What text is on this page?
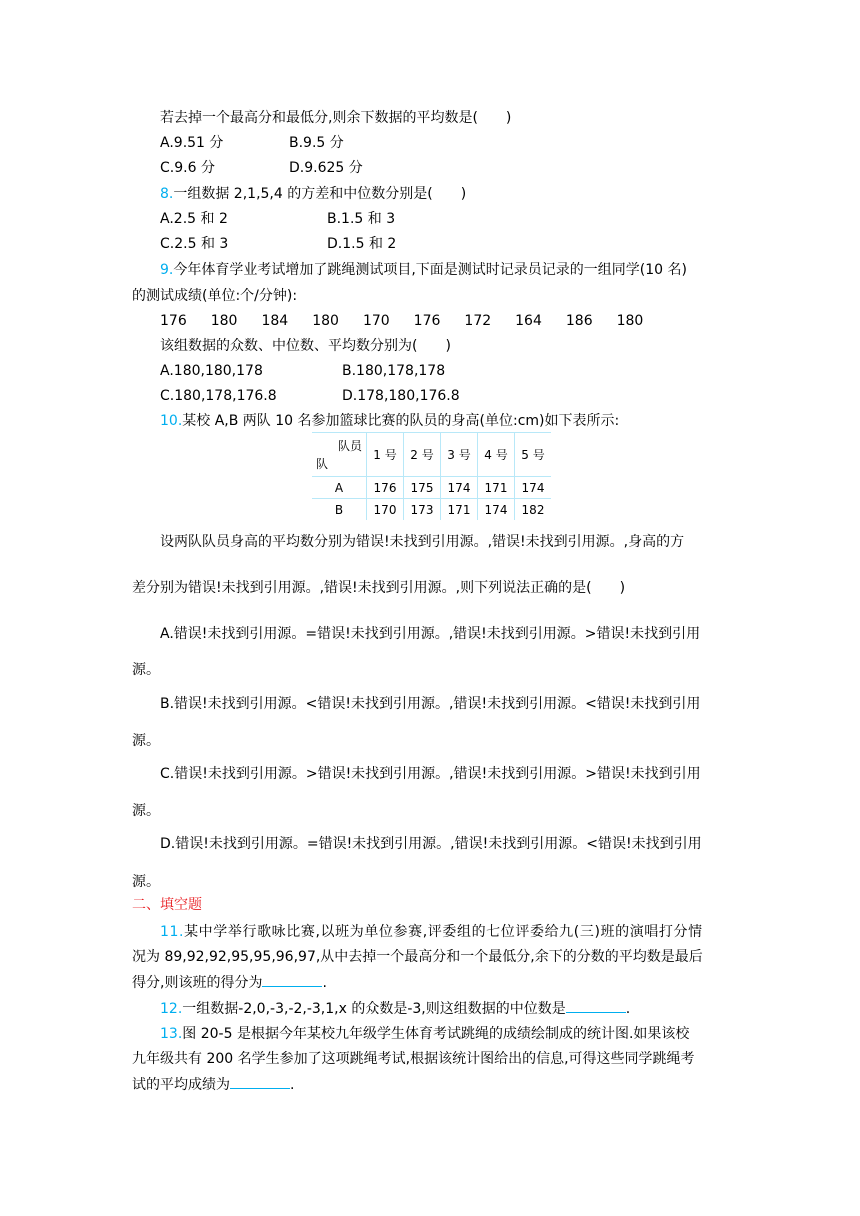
若去掉一个最高分和最低分,则余下数据的平均数是(　　)
A.9.51 分	B.9.5 分
C.9.6 分	D.9.625 分
8.一组数据 2,1,5,4 的方差和中位数分别是(　　)
A.2.5 和 2	B.1.5 和 3
C.2.5 和 3	D.1.5 和 2
9.今年体育学业考试增加了跳绳测试项目,下面是测试时记录员记录的一组同学(10 名)
的测试成绩(单位:个/分钟):
176 180 184 180 170 176 172 164 186 180
该组数据的众数、中位数、平均数分别为(　　)
A.180,180,178	B.180,178,178
C.180,178,176.8	D.178,180,176.8
10.某校 A,B 两队 10 名参加篮球比赛的队员的身高(单位:cm)如下表所示:
队员
队	1 号	2 号	3 号	4 号	5 号
A	176	175	174	171	174
B	170	173	171	174	182
设两队队员身高的平均数分别为错误!未找到引用源。,错误!未找到引用源。,身高的方
差分别为错误!未找到引用源。,错误!未找到引用源。,则下列说法正确的是(　　)
A.错误!未找到引用源。=错误!未找到引用源。,错误!未找到引用源。>错误!未找到引用
源。
B.错误!未找到引用源。<错误!未找到引用源。,错误!未找到引用源。<错误!未找到引用
源。
C.错误!未找到引用源。>错误!未找到引用源。,错误!未找到引用源。>错误!未找到引用
源。
D.错误!未找到引用源。=错误!未找到引用源。,错误!未找到引用源。<错误!未找到引用
源。
二、填空题
11.某中学举行歌咏比赛,以班为单位参赛,评委组的七位评委给九(三)班的演唱打分情
况为 89,92,92,95,95,96,97,从中去掉一个最高分和一个最低分,余下的分数的平均数是最后
得分,则该班的得分为	.
12.一组数据-2,0,-3,-2,-3,1,x 的众数是-3,则这组数据的中位数是	.
13.图 20-5 是根据今年某校九年级学生体育考试跳绳的成绩绘制成的统计图.如果该校
九年级共有 200 名学生参加了这项跳绳考试,根据该统计图给出的信息,可得这些同学跳绳考
试的平均成绩为	.
